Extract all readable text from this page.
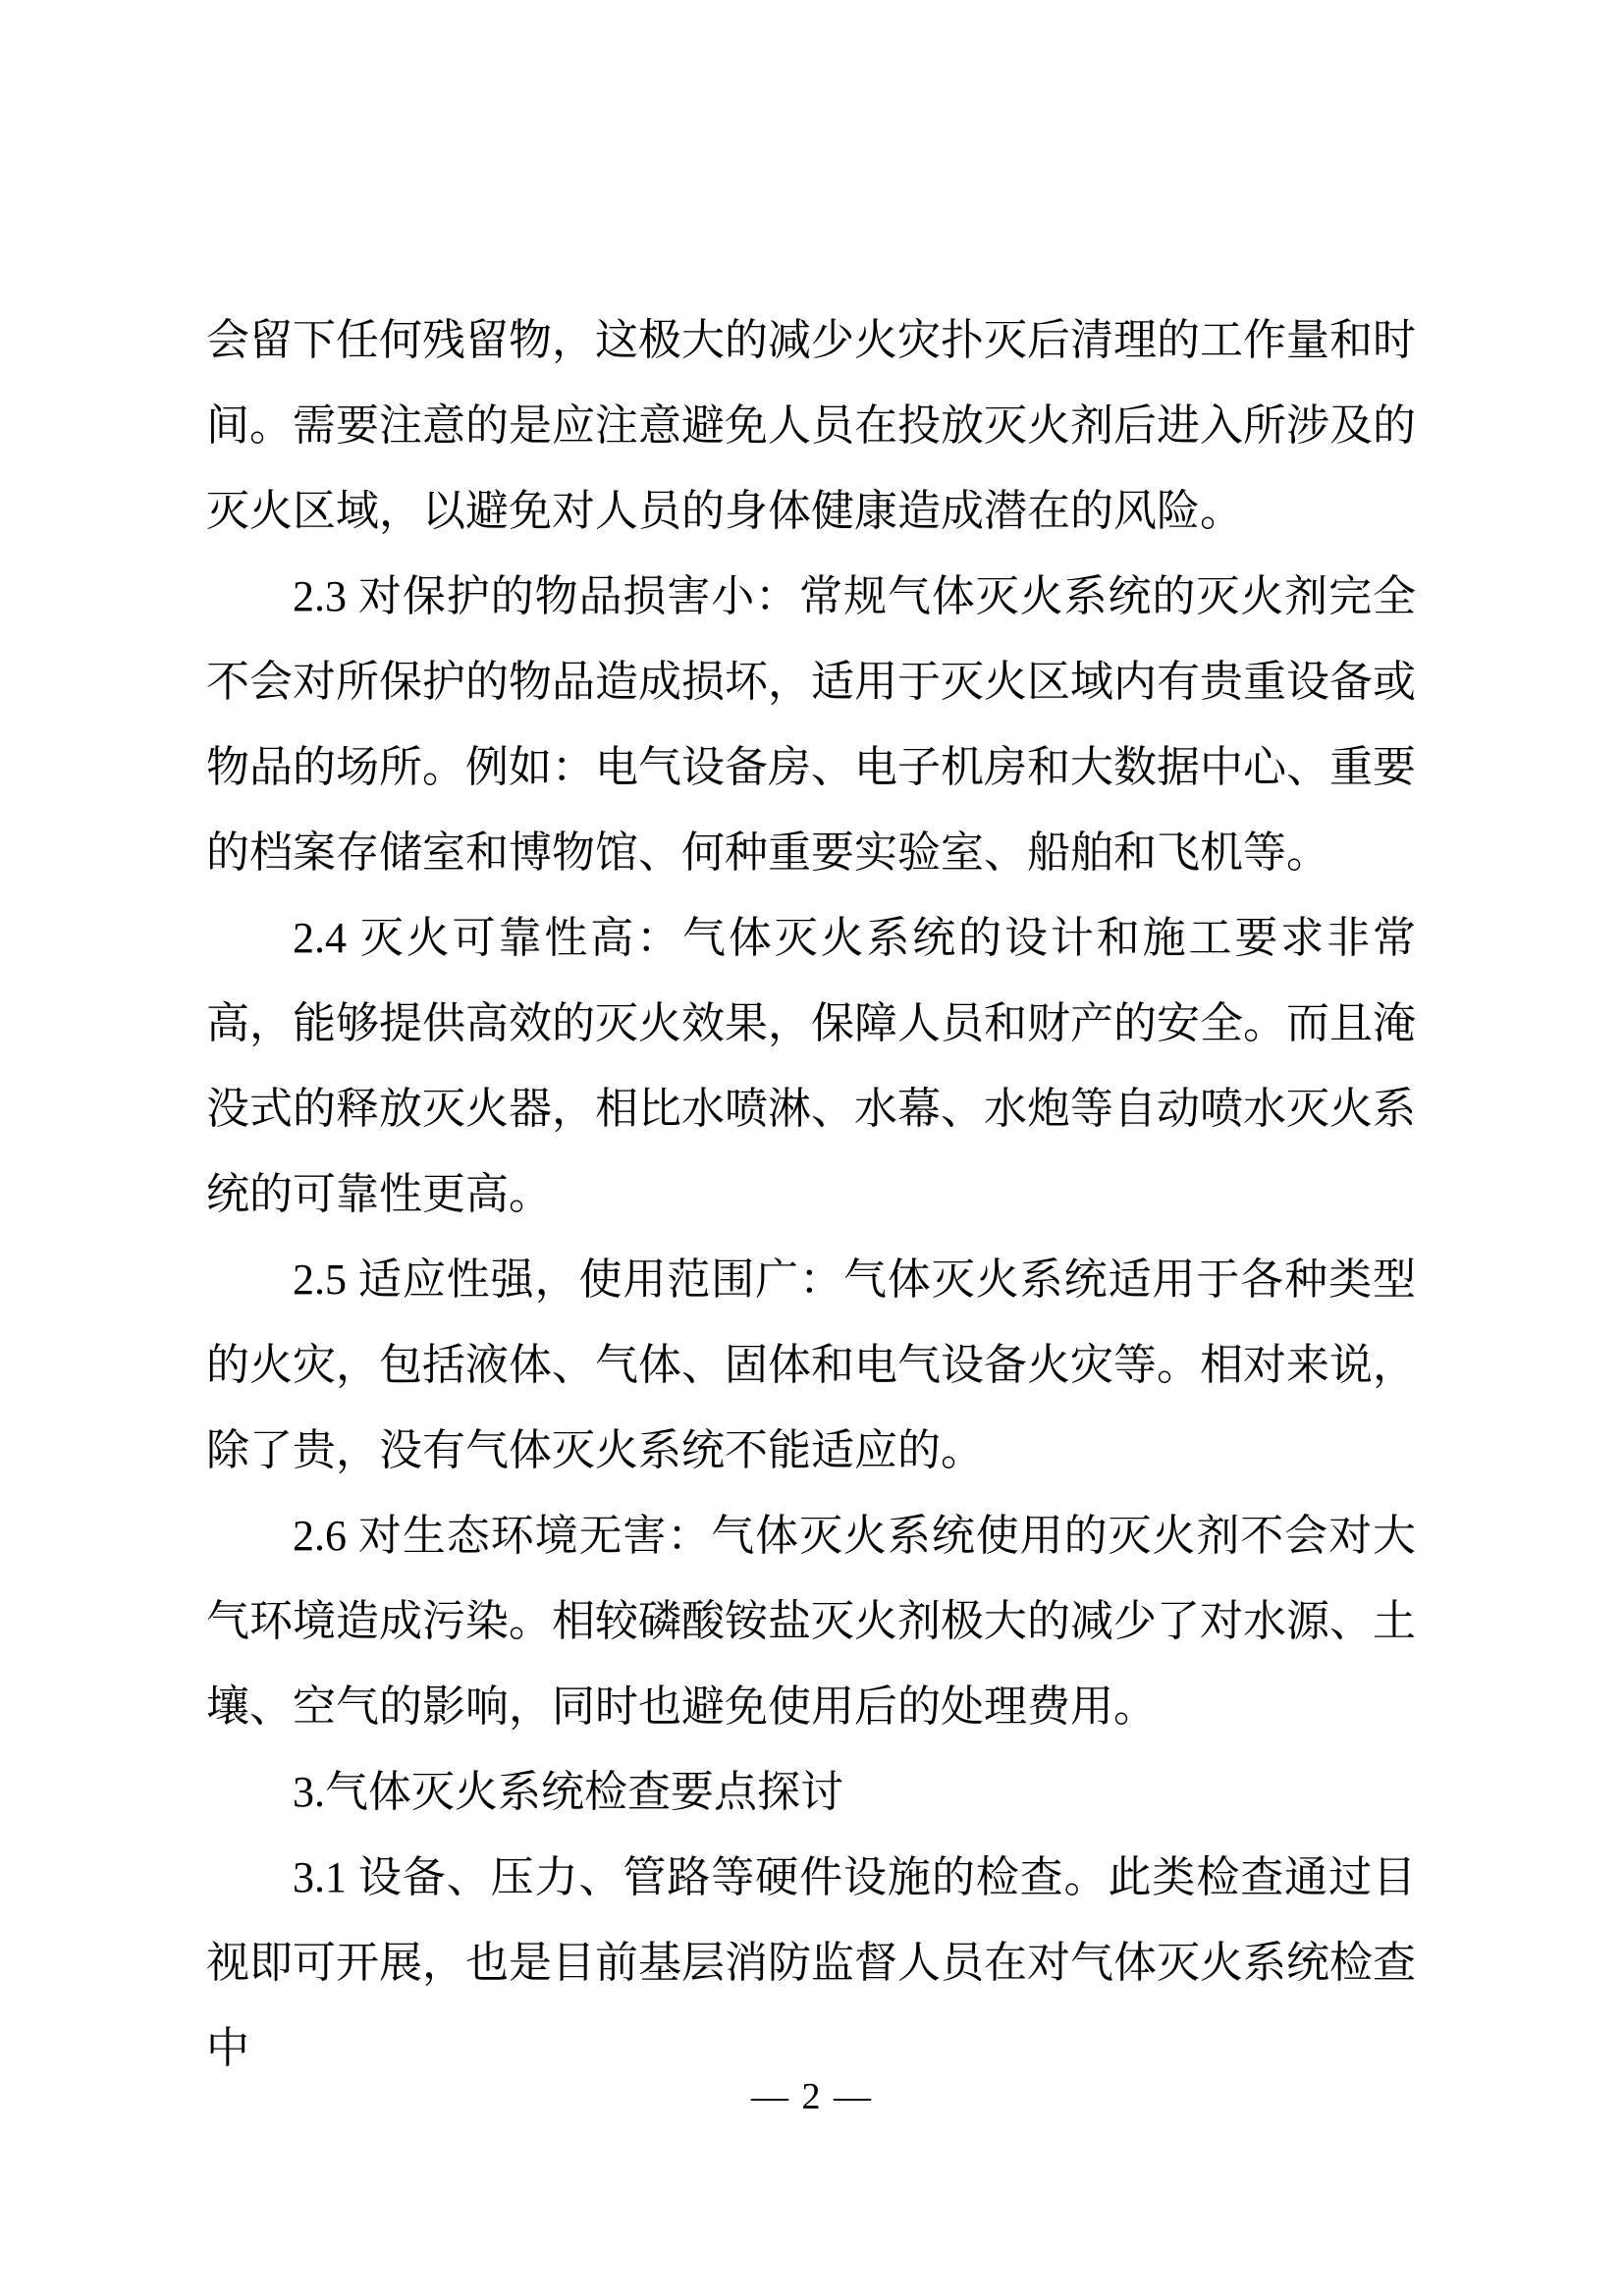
会留下任何残留物，这极大的减少火灾扑灭后清理的工作量和时间。需要注意的是应注意避免人员在投放灭火剂后进入所涉及的灭火区域，以避免对人员的身体健康造成潜在的风险。

2.3 对保护的物品损害小：常规气体灭火系统的灭火剂完全不会对所保护的物品造成损坏，适用于灭火区域内有贵重设备或物品的场所。例如：电气设备房、电子机房和大数据中心、重要的档案存储室和博物馆、何种重要实验室、船舶和飞机等。

2.4 灭火可靠性高：气体灭火系统的设计和施工要求非常高，能够提供高效的灭火效果，保障人员和财产的安全。而且淹没式的释放灭火器，相比水喷淋、水幕、水炮等自动喷水灭火系统的可靠性更高。

2.5 适应性强，使用范围广：气体灭火系统适用于各种类型的火灾，包括液体、气体、固体和电气设备火灾等。相对来说，除了贵，没有气体灭火系统不能适应的。

2.6 对生态环境无害：气体灭火系统使用的灭火剂不会对大气环境造成污染。相较磷酸铵盐灭火剂极大的减少了对水源、土壤、空气的影响，同时也避免使用后的处理费用。

3.气体灭火系统检查要点探讨

3.1 设备、压力、管路等硬件设施的检查。此类检查通过目视即可开展，也是目前基层消防监督人员在对气体灭火系统检查中

— 2 —
